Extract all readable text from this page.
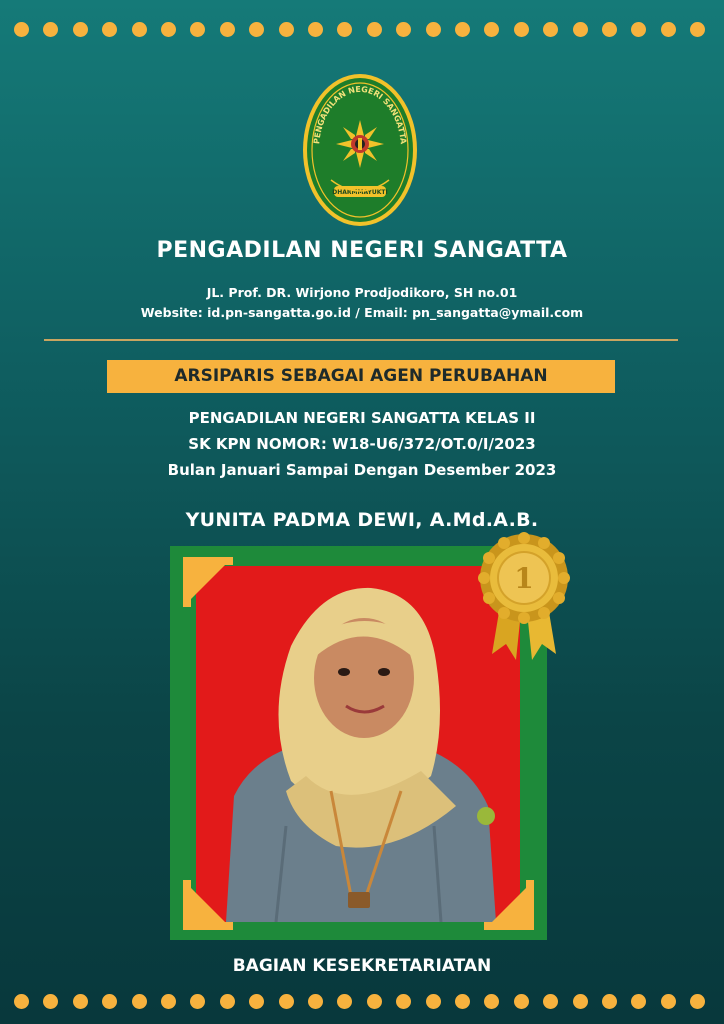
PENGADILAN NEGERI SANGATTA
DHARMMAYUKTI
PENGADILAN NEGERI SANGATTA
JL. Prof. DR. Wirjono Prodjodikoro, SH no.01
Website: id.pn-sangatta.go.id / Email: pn_sangatta@ymail.com
ARSIPARIS SEBAGAI AGEN PERUBAHAN
PENGADILAN NEGERI SANGATTA KELAS II
SK KPN NOMOR: W18-U6/372/OT.0/I/2023
Bulan Januari Sampai Dengan Desember 2023
YUNITA PADMA DEWI, A.Md.A.B.
1
BAGIAN KESEKRETARIATAN
